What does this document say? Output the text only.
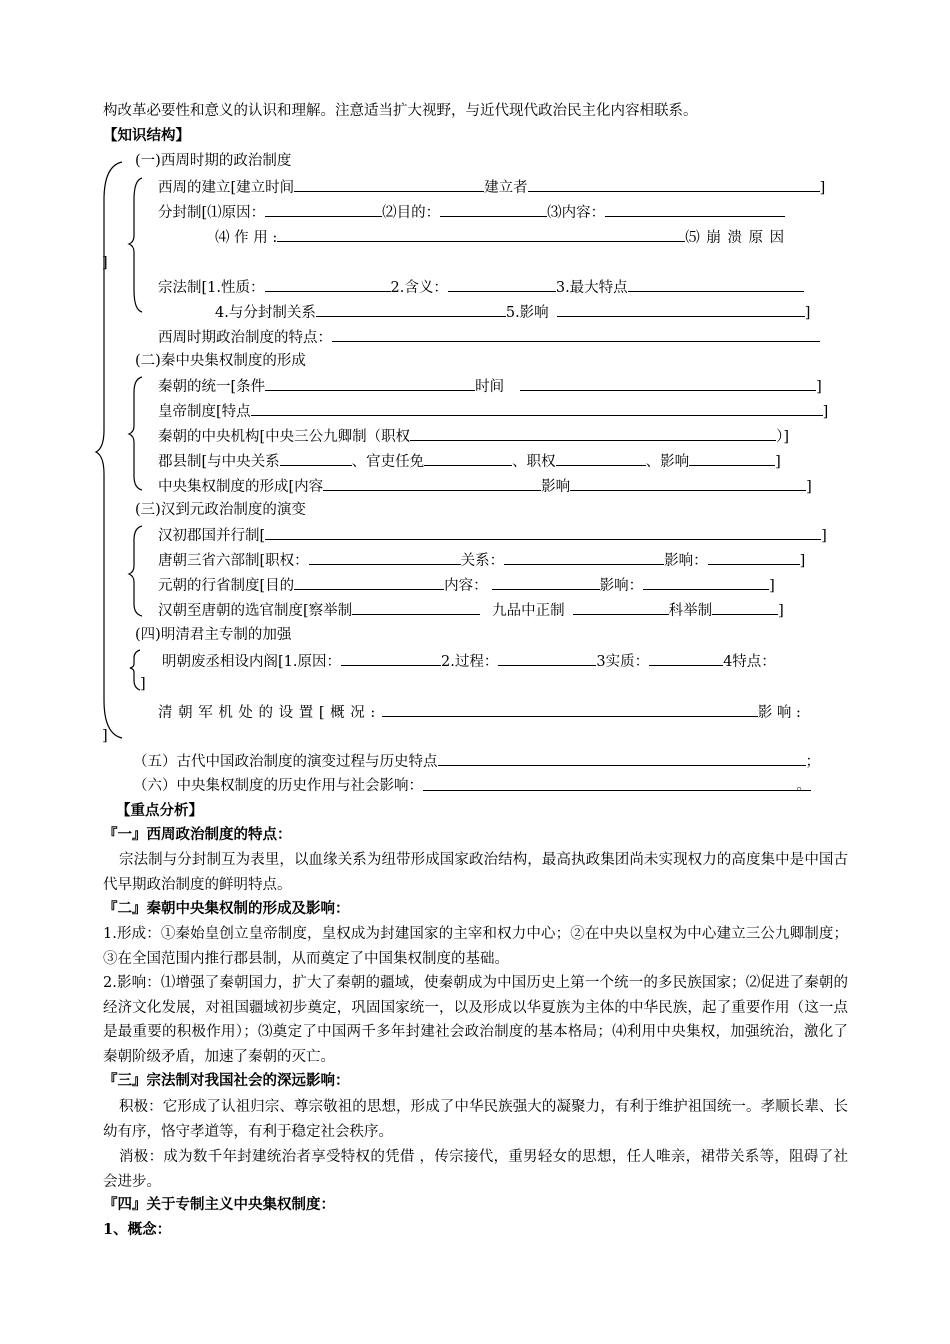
构改革必要性和意义的认识和理解。注意适当扩大视野，与近代现代政治民主化内容相联系。
【知识结构】
(一)西周时期的政治制度
西周的建立[建立时间	建立者	]
分封制[⑴原因：	⑵目的：	⑶内容：
⑷ 作 用 :	⑸ 崩 溃 原 因
]
宗法制[1.性质：	2.含义：	3.最大特点
4.与分封制关系	5.影响	]
西周时期政治制度的特点：
(二)秦中央集权制度的形成
秦朝的统一[条件	时间	]
皇帝制度[特点	]
秦朝的中央机构[中央三公九卿制（职权	）]
郡县制[与中央关系	、官吏任免	、职权	、影响	]
中央集权制度的形成[内容	影响	]
(三)汉到元政治制度的演变
汉初郡国并行制[	]
唐朝三省六部制[职权：	关系：	影响：	]
元朝的行省制度[目的	内容：	影响：	]
汉朝至唐朝的选官制度[察举制	九品中正制	科举制	]
(四)明清君主专制的加强
明朝废丞相设内阁[1.原因：	2.过程：	3实质：	4特点：
]
清 朝 军 机 处 的 设 置 [ 概 况 :	影 响 :
]
（五）古代中国政治制度的演变过程与历史特点	；
（六）中央集权制度的历史作用与社会影响：	。
【重点分析】
『一』西周政治制度的特点：
宗法制与分封制互为表里，以血缘关系为纽带形成国家政治结构，最高执政集团尚未实现权力的高度集中是中国古代早期政治制度的鲜明特点。
『二』秦朝中央集权制的形成及影响：
1.形成：①秦始皇创立皇帝制度，皇权成为封建国家的主宰和权力中心；②在中央以皇权为中心建立三公九卿制度；③在全国范围内推行郡县制，从而奠定了中国集权制度的基础。
2.影响：⑴增强了秦朝国力，扩大了秦朝的疆域，使秦朝成为中国历史上第一个统一的多民族国家；⑵促进了秦朝的经济文化发展，对祖国疆域初步奠定，巩固国家统一，以及形成以华夏族为主体的中华民族，起了重要作用（这一点是最重要的积极作用）；⑶奠定了中国两千多年封建社会政治制度的基本格局；⑷利用中央集权，加强统治，激化了秦朝阶级矛盾，加速了秦朝的灭亡。
『三』宗法制对我国社会的深远影响：
积极：它形成了认祖归宗、尊宗敬祖的思想，形成了中华民族强大的凝聚力，有利于维护祖国统一。孝顺长辈、长幼有序，恪守孝道等，有利于稳定社会秩序。
消极：成为数千年封建统治者享受特权的凭借 ，传宗接代，重男轻女的思想，任人唯亲，裙带关系等，阻碍了社会进步。
『四』关于专制主义中央集权制度：
1、概念：
